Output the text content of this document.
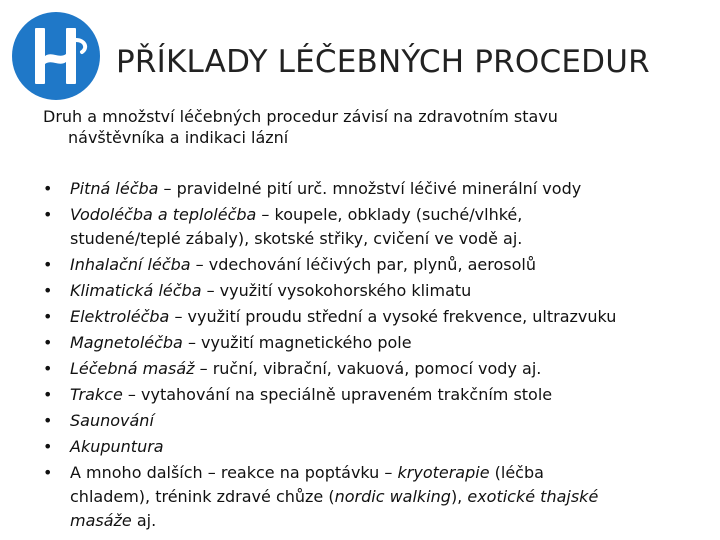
PŘÍKLADY LÉČEBNÝCH PROCEDUR
Druh a množství léčebných procedur závisí na zdravotním stavu
návštěvníka a indikaci lázní
• Pitná léčba – pravidelné pití urč. množství léčivé minerální vody
• Vodoléčba a teploléčba – koupele, obklady (suché/vlhké,
studené/teplé zábaly), skotské střiky, cvičení ve vodě aj.
• Inhalační léčba – vdechování léčivých par, plynů, aerosolů
• Klimatická léčba – využití vysokohorského klimatu
• Elektroléčba – využití proudu střední a vysoké frekvence, ultrazvuku
• Magnetoléčba – využití magnetického pole
• Léčebná masáž – ruční, vibrační, vakuová, pomocí vody aj.
• Trakce – vytahování na speciálně upraveném trakčním stole
• Saunování
• Akupuntura
• A mnoho dalších – reakce na poptávku – kryoterapie (léčba
chladem), trénink zdravé chůze (nordic walking), exotické thajské
masáže aj.
